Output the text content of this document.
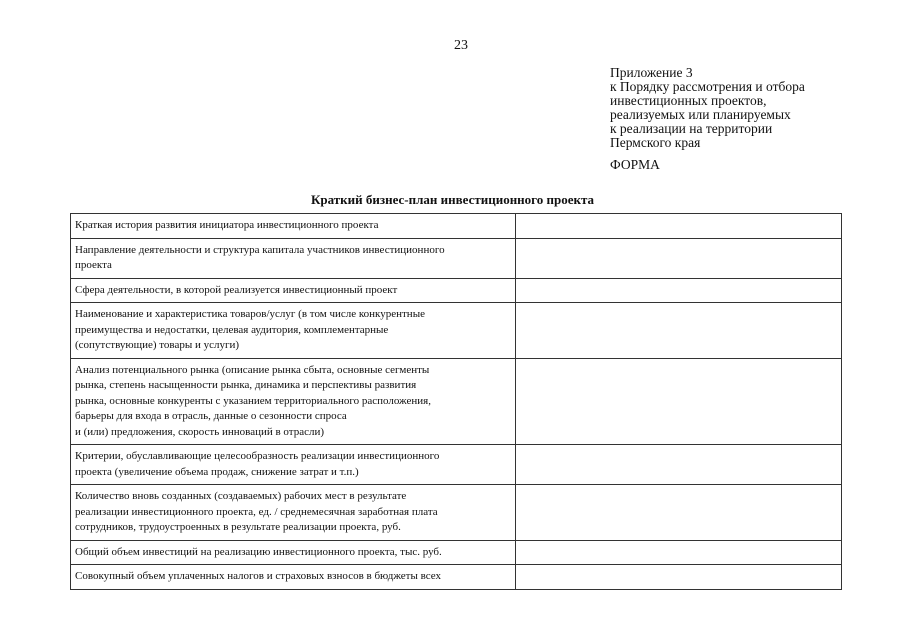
23
Приложение 3
к Порядку рассмотрения и отбора
инвестиционных проектов,
реализуемых или планируемых
к реализации на территории
Пермского края
ФОРМА
Краткий бизнес-план инвестиционного проекта
Краткая история развития инициатора инвестиционного проекта	

Направление деятельности и структура капитала участников инвестиционного
проекта	

Сфера деятельности, в которой реализуется инвестиционный проект	

Наименование и характеристика товаров/услуг (в том числе конкурентные
преимущества и недостатки, целевая аудитория, комплементарные
(сопутствующие) товары и услуги)	

Анализ потенциального рынка (описание рынка сбыта, основные сегменты
рынка, степень насыщенности рынка, динамика и перспективы развития
рынка, основные конкуренты с указанием территориального расположения,
барьеры для входа в отрасль, данные о сезонности спроса
и (или) предложения, скорость инноваций в отрасли)	

Критерии, обуславливающие целесообразность реализации инвестиционного
проекта (увеличение объема продаж, снижение затрат и т.п.)	

Количество вновь созданных (создаваемых) рабочих мест в результате
реализации инвестиционного проекта, ед. / среднемесячная заработная плата
сотрудников, трудоустроенных в результате реализации проекта, руб.	

Общий объем инвестиций на реализацию инвестиционного проекта, тыс. руб.	

Совокупный объем уплаченных налогов и страховых взносов в бюджеты всех	
